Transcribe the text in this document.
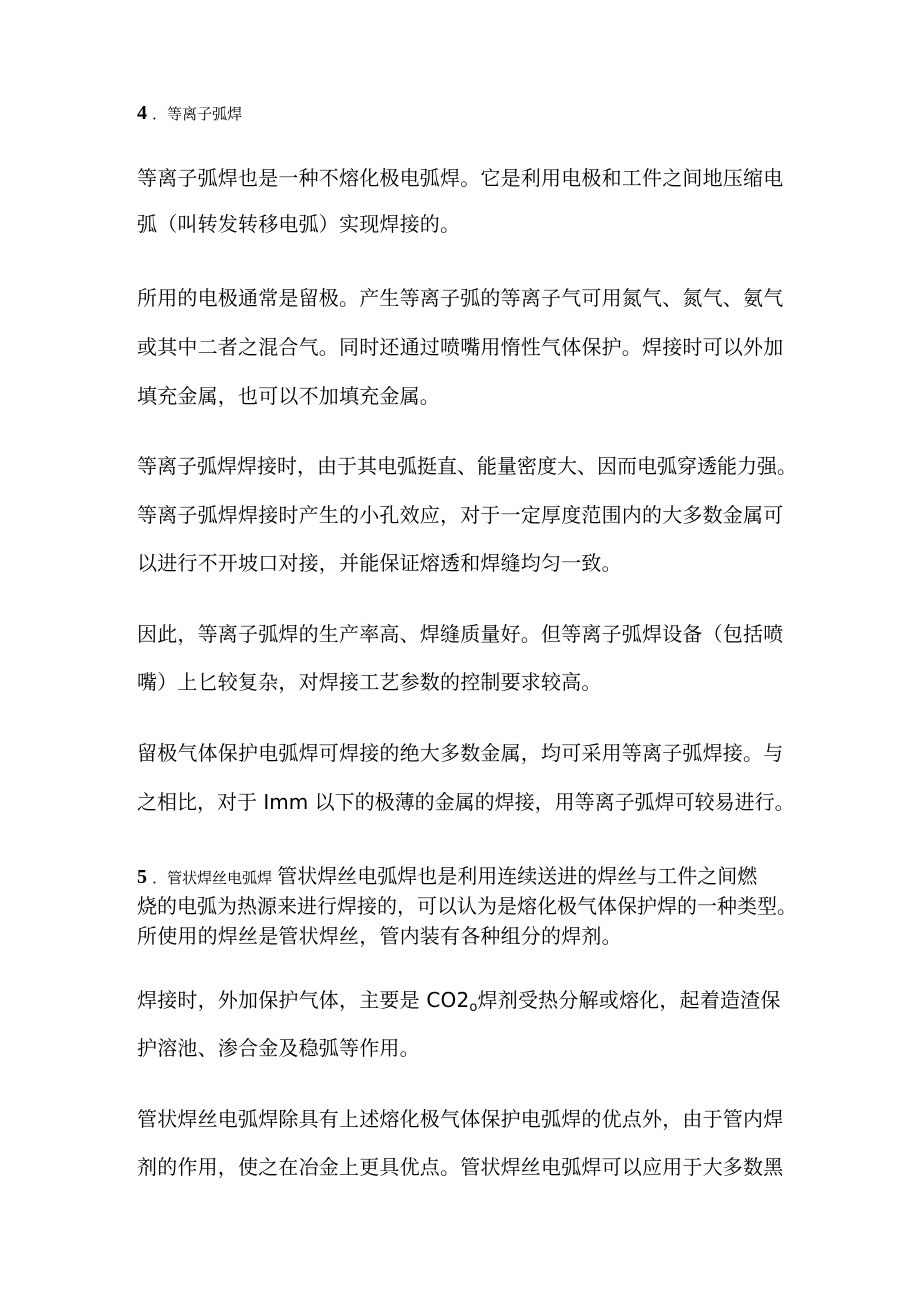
4 ．等离子弧焊
等离子弧焊也是一种不熔化极电弧焊。它是利用电极和工件之间地压缩电
弧（叫转发转移电弧）实现焊接的。
所用的电极通常是留极。产生等离子弧的等离子气可用氮气、氮气、氨气
或其中二者之混合气。同时还通过喷嘴用惰性气体保护。焊接时可以外加
填充金属，也可以不加填充金属。
等离子弧焊焊接时，由于其电弧挺直、能量密度大、因而电弧穿透能力强。
等离子弧焊焊接时产生的小孔效应，对于一定厚度范围内的大多数金属可
以进行不开坡口对接，并能保证熔透和焊缝均匀一致。
因此，等离子弧焊的生产率高、焊缝质量好。但等离子弧焊设备（包括喷
嘴）上匕较复杂，对焊接工艺参数的控制要求较高。
留极气体保护电弧焊可焊接的绝大多数金属，均可采用等离子弧焊接。与
之相比，对于 Imm 以下的极薄的金属的焊接，用等离子弧焊可较易进行。
5 ．管状焊丝电弧焊 管状焊丝电弧焊也是利用连续送进的焊丝与工件之间燃
烧的电弧为热源来进行焊接的，可以认为是熔化极气体保护焊的一种类型。
所使用的焊丝是管状焊丝，管内装有各种组分的焊剂。
焊接时，外加保护气体，主要是 $CO2_o$焊剂受热分解或熔化，起着造渣保
护溶池、渗合金及稳弧等作用。
管状焊丝电弧焊除具有上述熔化极气体保护电弧焊的优点外，由于管内焊
剂的作用，使之在冶金上更具优点。管状焊丝电弧焊可以应用于大多数黑
